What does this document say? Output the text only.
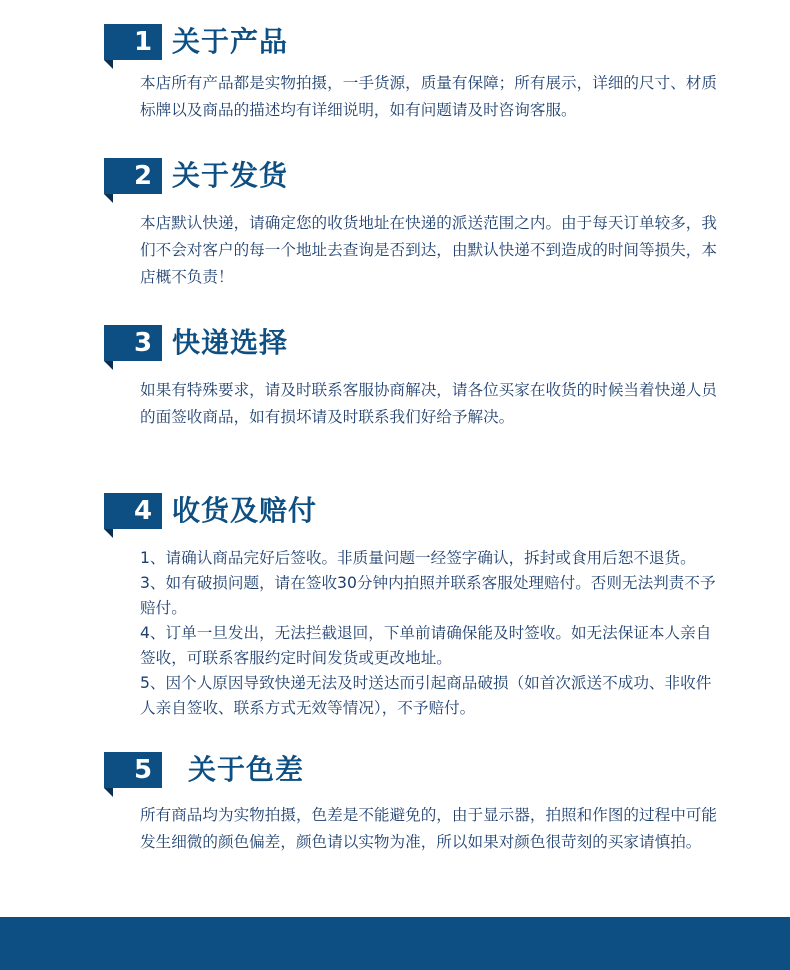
1 关于产品

本店所有产品都是实物拍摄，一手货源，质量有保障；所有展示，详细的尺寸、材质标牌以及商品的描述均有详细说明，如有问题请及时咨询客服。

2 关于发货

本店默认快递，请确定您的收货地址在快递的派送范围之内。由于每天订单较多，我们不会对客户的每一个地址去查询是否到达，由默认快递不到造成的时间等损失，本店概不负责！

3 快递选择

如果有特殊要求，请及时联系客服协商解决，请各位买家在收货的时候当着快递人员的面签收商品，如有损坏请及时联系我们好给予解决。

4 收货及赔付

1、请确认商品完好后签收。非质量问题一经签字确认，拆封或食用后恕不退货。

3、如有破损问题，请在签收30分钟内拍照并联系客服处理赔付。否则无法判责不予赔付。

4、订单一旦发出，无法拦截退回，下单前请确保能及时签收。如无法保证本人亲自签收，可联系客服约定时间发货或更改地址。

5、因个人原因导致快递无法及时送达而引起商品破损（如首次派送不成功、非收件人亲自签收、联系方式无效等情况），不予赔付。

5 关于色差

所有商品均为实物拍摄，色差是不能避免的，由于显示器，拍照和作图的过程中可能发生细微的颜色偏差，颜色请以实物为准，所以如果对颜色很苛刻的买家请慎拍。
